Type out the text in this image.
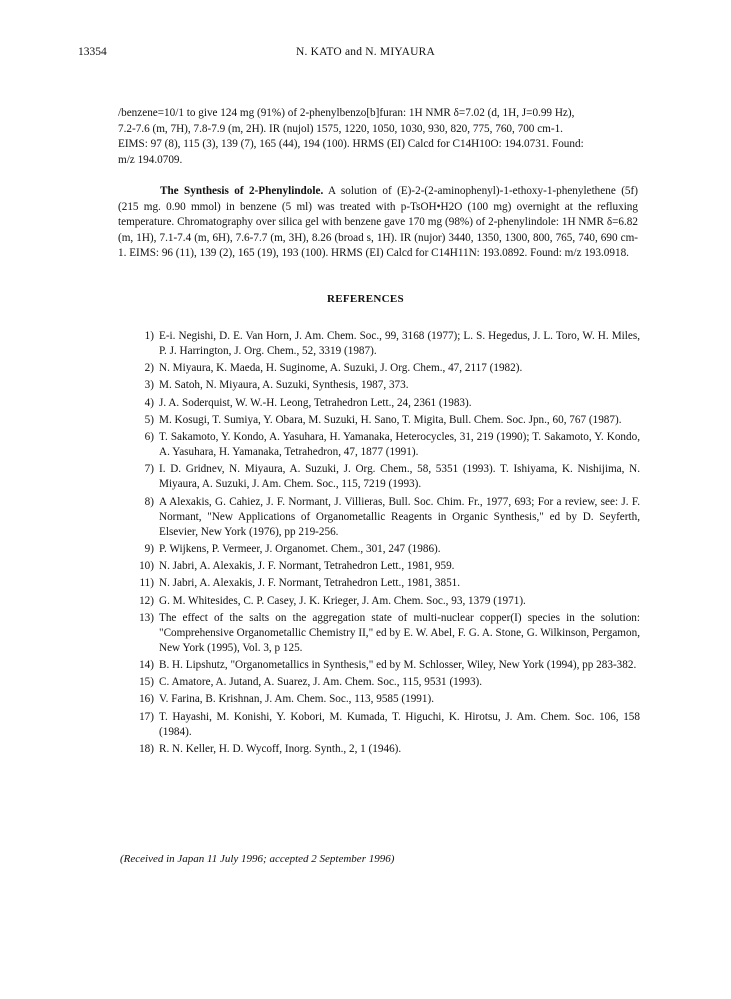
13354	N. KATO and N. MIYAURA
/benzene=10/1 to give 124 mg (91%) of 2-phenylbenzo[b]furan: 1H NMR δ=7.02 (d, 1H, J=0.99 Hz),
7.2-7.6 (m, 7H), 7.8-7.9 (m, 2H). IR (nujol) 1575, 1220, 1050, 1030, 930, 820, 775, 760, 700 cm-1.
EIMS: 97 (8), 115 (3), 139 (7), 165 (44), 194 (100). HRMS (EI) Calcd for C14H10O: 194.0731. Found:
m/z 194.0709.
The Synthesis of 2-Phenylindole. A solution of (E)-2-(2-aminophenyl)-1-ethoxy-1-phenylethene (5f) (215 mg. 0.90 mmol) in benzene (5 ml) was treated with p-TsOH•H2O (100 mg) overnight at the refluxing temperature. Chromatography over silica gel with benzene gave 170 mg (98%) of 2-phenylindole: 1H NMR δ=6.82 (m, 1H), 7.1-7.4 (m, 6H), 7.6-7.7 (m, 3H), 8.26 (broad s, 1H). IR (nujor) 3440, 1350, 1300, 800, 765, 740, 690 cm-1. EIMS: 96 (11), 139 (2), 165 (19), 193 (100). HRMS (EI) Calcd for C14H11N: 193.0892. Found: m/z 193.0918.
REFERENCES
1) E-i. Negishi, D. E. Van Horn, J. Am. Chem. Soc., 99, 3168 (1977); L. S. Hegedus, J. L. Toro, W. H. Miles, P. J. Harrington, J. Org. Chem., 52, 3319 (1987).
2) N. Miyaura, K. Maeda, H. Suginome, A. Suzuki, J. Org. Chem., 47, 2117 (1982).
3) M. Satoh, N. Miyaura, A. Suzuki, Synthesis, 1987, 373.
4) J. A. Soderquist, W. W.-H. Leong, Tetrahedron Lett., 24, 2361 (1983).
5) M. Kosugi, T. Sumiya, Y. Obara, M. Suzuki, H. Sano, T. Migita, Bull. Chem. Soc. Jpn., 60, 767 (1987).
6) T. Sakamoto, Y. Kondo, A. Yasuhara, H. Yamanaka, Heterocycles, 31, 219 (1990); T. Sakamoto, Y. Kondo, A. Yasuhara, H. Yamanaka, Tetrahedron, 47, 1877 (1991).
7) I. D. Gridnev, N. Miyaura, A. Suzuki, J. Org. Chem., 58, 5351 (1993). T. Ishiyama, K. Nishijima, N. Miyaura, A. Suzuki, J. Am. Chem. Soc., 115, 7219 (1993).
8) A Alexakis, G. Cahiez, J. F. Normant, J. Villieras, Bull. Soc. Chim. Fr., 1977, 693; For a review, see: J. F. Normant, "New Applications of Organometallic Reagents in Organic Synthesis," ed by D. Seyferth, Elsevier, New York (1976), pp 219-256.
9) P. Wijkens, P. Vermeer, J. Organomet. Chem., 301, 247 (1986).
10) N. Jabri, A. Alexakis, J. F. Normant, Tetrahedron Lett., 1981, 959.
11) N. Jabri, A. Alexakis, J. F. Normant, Tetrahedron Lett., 1981, 3851.
12) G. M. Whitesides, C. P. Casey, J. K. Krieger, J. Am. Chem. Soc., 93, 1379 (1971).
13) The effect of the salts on the aggregation state of multi-nuclear copper(I) species in the solution: "Comprehensive Organometallic Chemistry II," ed by E. W. Abel, F. G. A. Stone, G. Wilkinson, Pergamon, New York (1995), Vol. 3, p 125.
14) B. H. Lipshutz, "Organometallics in Synthesis," ed by M. Schlosser, Wiley, New York (1994), pp 283-382.
15) C. Amatore, A. Jutand, A. Suarez, J. Am. Chem. Soc., 115, 9531 (1993).
16) V. Farina, B. Krishnan, J. Am. Chem. Soc., 113, 9585 (1991).
17) T. Hayashi, M. Konishi, Y. Kobori, M. Kumada, T. Higuchi, K. Hirotsu, J. Am. Chem. Soc. 106, 158 (1984).
18) R. N. Keller, H. D. Wycoff, Inorg. Synth., 2, 1 (1946).
(Received in Japan 11 July 1996; accepted 2 September 1996)
